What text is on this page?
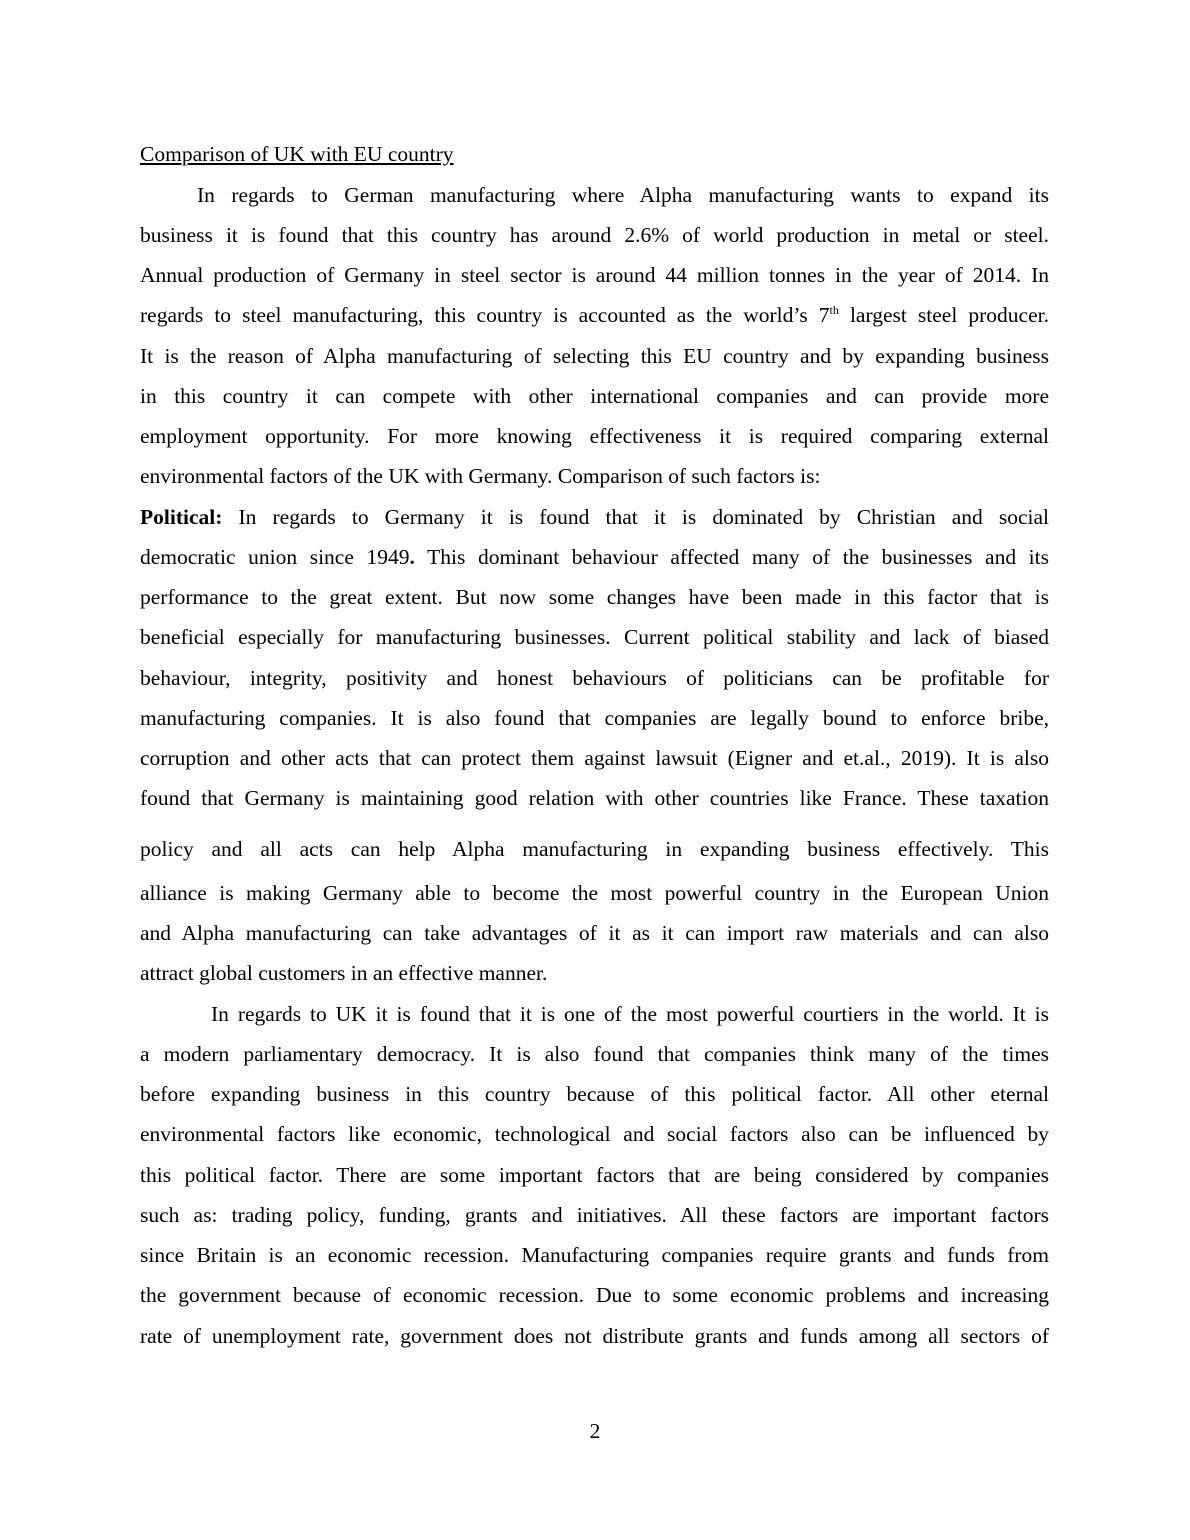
Comparison of UK with EU country
In regards to German manufacturing where Alpha manufacturing wants to expand its
business it is found that this country has around 2.6% of world production in metal or steel.
Annual production of Germany in steel sector is around 44 million tonnes in the year of 2014. In
regards to steel manufacturing, this country is accounted as the world’s 7th largest steel producer.
It is the reason of Alpha manufacturing of selecting this EU country and by expanding business
in this country it can compete with other international companies and can provide more
employment opportunity. For more knowing effectiveness it is required comparing external
environmental factors of the UK with Germany. Comparison of such factors is:
Political: In regards to Germany it is found that it is dominated by Christian and social
democratic union since 1949. This dominant behaviour affected many of the businesses and its
performance to the great extent. But now some changes have been made in this factor that is
beneficial especially for manufacturing businesses. Current political stability and lack of biased
behaviour, integrity, positivity and honest behaviours of politicians can be profitable for
manufacturing companies. It is also found that companies are legally bound to enforce bribe,
corruption and other acts that can protect them against lawsuit (Eigner and et.al., 2019). It is also
found that Germany is maintaining good relation with other countries like France. These taxation
policy and all acts can help Alpha manufacturing in expanding business effectively. This
alliance is making Germany able to become the most powerful country in the European Union
and Alpha manufacturing can take advantages of it as it can import raw materials and can also
attract global customers in an effective manner.
In regards to UK it is found that it is one of the most powerful courtiers in the world. It is
a modern parliamentary democracy. It is also found that companies think many of the times
before expanding business in this country because of this political factor. All other eternal
environmental factors like economic, technological and social factors also can be influenced by
this political factor. There are some important factors that are being considered by companies
such as: trading policy, funding, grants and initiatives. All these factors are important factors
since Britain is an economic recession. Manufacturing companies require grants and funds from
the government because of economic recession. Due to some economic problems and increasing
rate of unemployment rate, government does not distribute grants and funds among all sectors of
2
